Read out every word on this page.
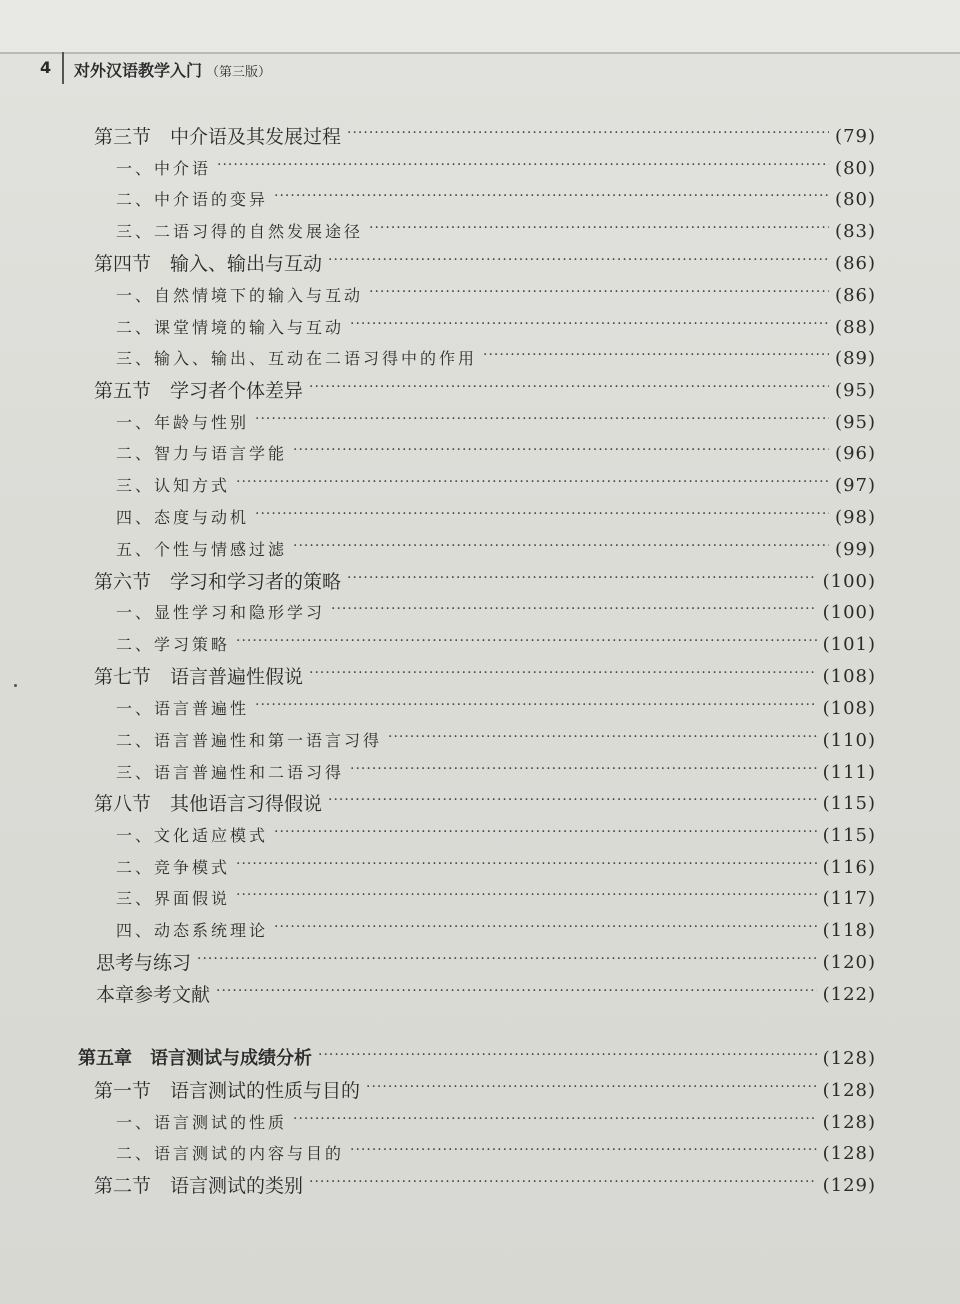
4 对外汉语教学入门 （第三版）
第三节　中介语及其发展过程 ·····	(79)
一、中介语 ·····	(80)
二、中介语的变异 ·····	(80)
三、二语习得的自然发展途径 ·····	(83)
第四节　输入、输出与互动 ·····	(86)
一、自然情境下的输入与互动 ·····	(86)
二、课堂情境的输入与互动 ·····	(88)
三、输入、输出、互动在二语习得中的作用 ·····	(89)
第五节　学习者个体差异 ·····	(95)
一、年龄与性别 ·····	(95)
二、智力与语言学能 ·····	(96)
三、认知方式 ·····	(97)
四、态度与动机 ·····	(98)
五、个性与情感过滤 ·····	(99)
第六节　学习和学习者的策略 ·····	(100)
一、显性学习和隐形学习 ·····	(100)
二、学习策略 ·····	(101)
第七节　语言普遍性假说 ·····	(108)
一、语言普遍性 ·····	(108)
二、语言普遍性和第一语言习得 ·····	(110)
三、语言普遍性和二语习得 ·····	(111)
第八节　其他语言习得假说 ·····	(115)
一、文化适应模式 ·····	(115)
二、竞争模式 ·····	(116)
三、界面假说 ·····	(117)
四、动态系统理论 ·····	(118)
思考与练习 ·····	(120)
本章参考文献 ·····	(122)
第五章　语言测试与成绩分析 ·····	(128)
第一节　语言测试的性质与目的 ·····	(128)
一、语言测试的性质 ·····	(128)
二、语言测试的内容与目的 ·····	(128)
第二节　语言测试的类别 ·····	(129)
